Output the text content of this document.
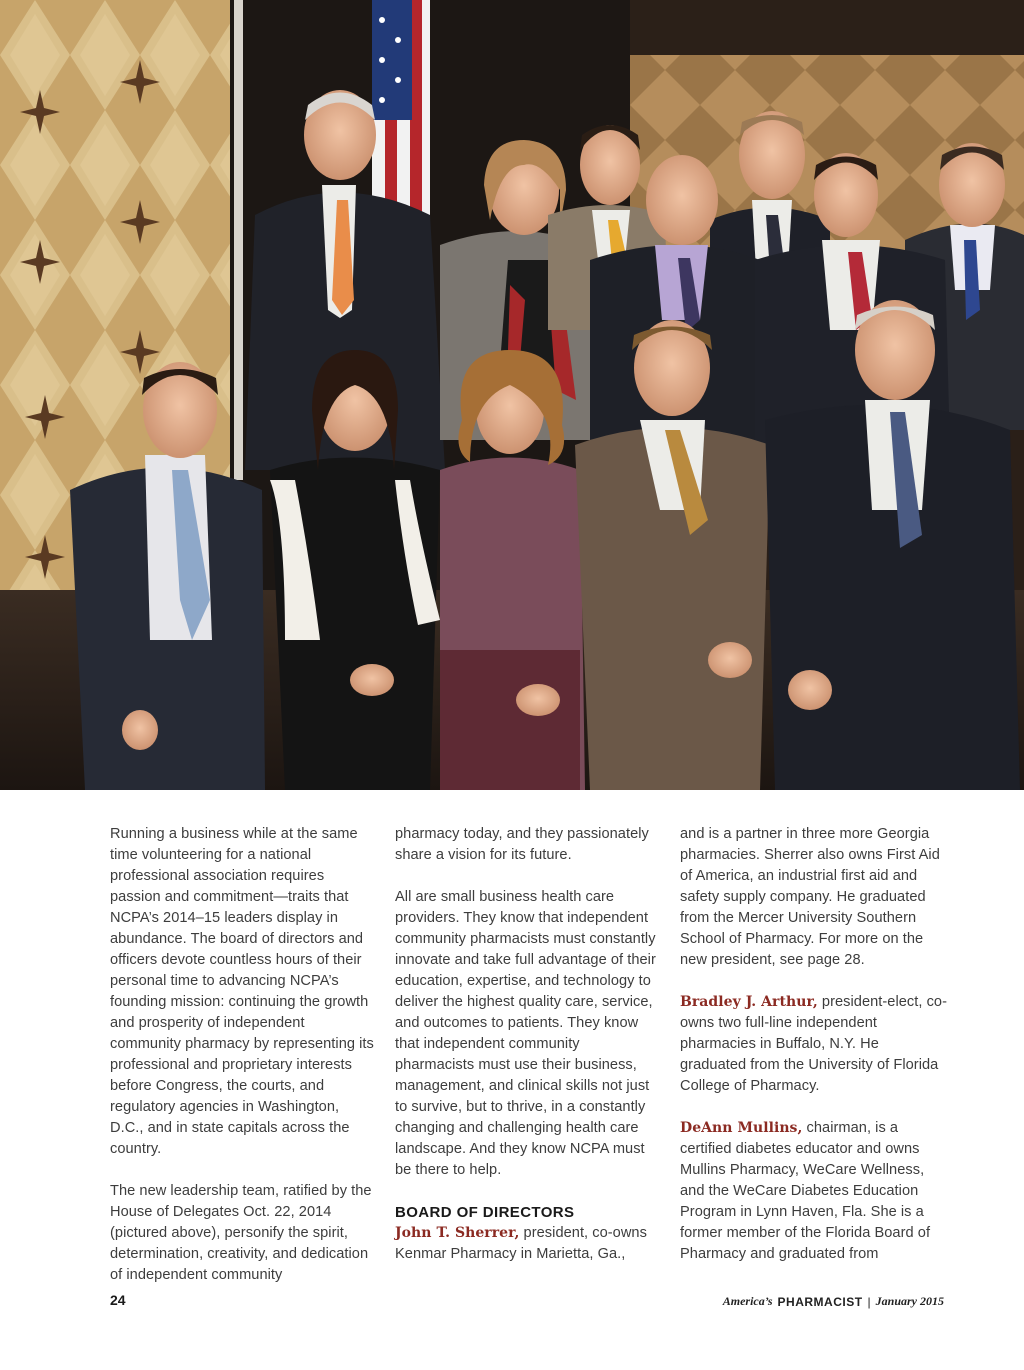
Running a business while at the same time volunteering for a national professional association requires passion and commitment—traits that NCPA’s 2014–15 leaders display in abundance. The board of directors and officers devote countless hours of their personal time to advancing NCPA’s founding mission: continuing the growth and prosperity of independent community pharmacy by representing its professional and proprietary interests before Congress, the courts, and regulatory agencies in Washington, D.C., and in state capitals across the country.

The new leadership team, ratified by the House of Delegates Oct. 22, 2014 (pictured above), personify the spirit, determination, creativity, and dedication of independent community

pharmacy today, and they passionately share a vision for its future.

All are small business health care providers. They know that independent community pharmacists must constantly innovate and take full advantage of their education, expertise, and technology to deliver the highest quality care, service, and outcomes to patients. They know that independent community pharmacists must use their business, management, and clinical skills not just to survive, but to thrive, in a constantly changing and challenging health care landscape. And they know NCPA must be there to help.

BOARD OF DIRECTORS
John T. Sherrer, president, co-owns Kenmar Pharmacy in Marietta, Ga.,

and is a partner in three more Georgia pharmacies. Sherrer also owns First Aid of America, an industrial first aid and safety supply company. He graduated from the Mercer University Southern School of Pharmacy. For more on the new president, see page 28.

Bradley J. Arthur, president-elect, co-owns two full-line independent pharmacies in Buffalo, N.Y. He graduated from the University of Florida College of Pharmacy.

DeAnn Mullins, chairman, is a certified diabetes educator and owns Mullins Pharmacy, WeCare Wellness, and the WeCare Diabetes Education Program in Lynn Haven, Fla. She is a former member of the Florida Board of Pharmacy and graduated from

24	America’s PHARMACIST | January 2015
